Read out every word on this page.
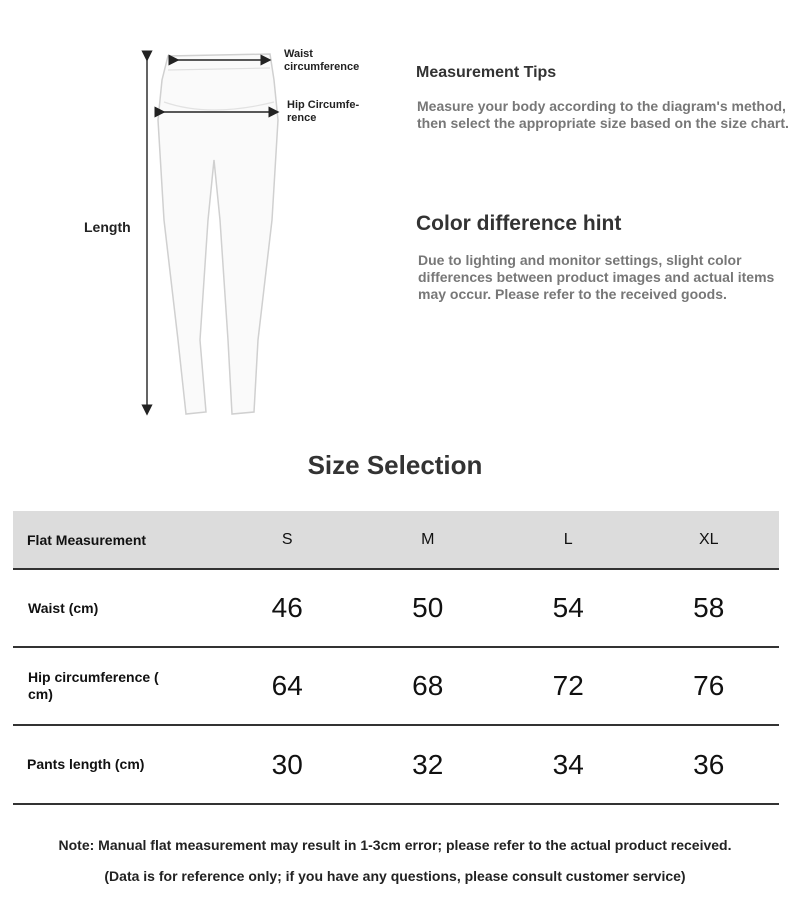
Waist
circumference
Hip Circumfe-
rence
Length
Measurement Tips
Measure your body according to the diagram's method, then select the appropriate size based on the size chart.
Color difference hint
Due to lighting and monitor settings, slight color differences between product images and actual items may occur. Please refer to the received goods.
Size Selection
Flat Measurement	S	M	L	XL
Waist (cm)	46	50	54	58
Hip circumference (
cm)	64	68	72	76
Pants length (cm)	30	32	34	36
Note: Manual flat measurement may result in 1-3cm error; please refer to the actual product received.
(Data is for reference only; if you have any questions, please consult customer service)
